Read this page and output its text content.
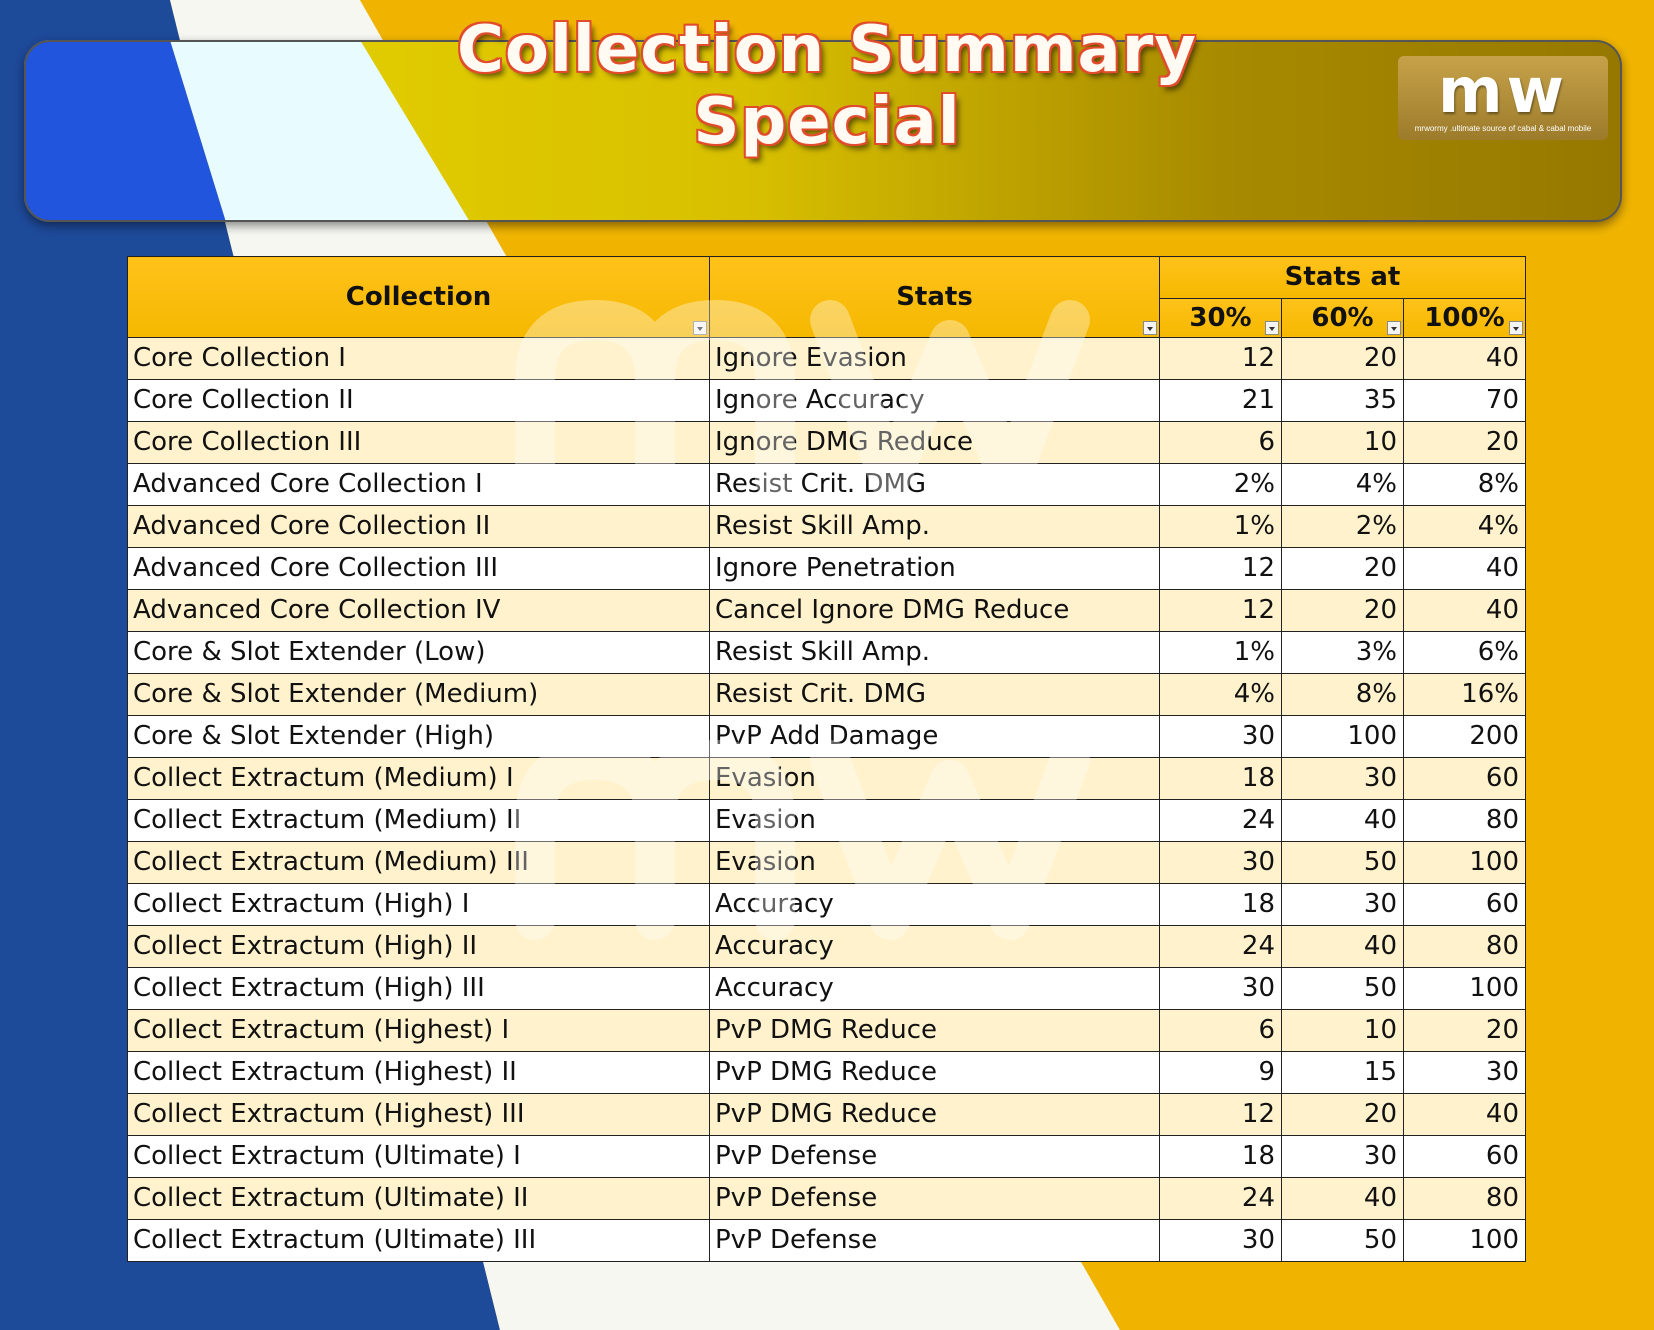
Collection Summary
Special	mw
mrwormy .ultimate source of cabal & cabal mobile
Collection	Stats	Stats at		
		30%	60%	100%

Core Collection I	Ignore Evasion	12	20	40
Core Collection II	Ignore Accuracy	21	35	70
Core Collection III	Ignore DMG Reduce	6	10	20
Advanced Core Collection I	Resist Crit. DMG	2%	4%	8%
Advanced Core Collection II	Resist Skill Amp.	1%	2%	4%
Advanced Core Collection III	Ignore Penetration	12	20	40
Advanced Core Collection IV	Cancel Ignore DMG Reduce	12	20	40
Core & Slot Extender (Low)	Resist Skill Amp.	1%	3%	6%
Core & Slot Extender (Medium)	Resist Crit. DMG	4%	8%	16%
Core & Slot Extender (High)	PvP Add Damage	30	100	200
Collect Extractum (Medium) I	Evasion	18	30	60
Collect Extractum (Medium) II	Evasion	24	40	80
Collect Extractum (Medium) III	Evasion	30	50	100
Collect Extractum (High) I	Accuracy	18	30	60
Collect Extractum (High) II	Accuracy	24	40	80
Collect Extractum (High) III	Accuracy	30	50	100
Collect Extractum (Highest) I	PvP DMG Reduce	6	10	20
Collect Extractum (Highest) II	PvP DMG Reduce	9	15	30
Collect Extractum (Highest) III	PvP DMG Reduce	12	20	40
Collect Extractum (Ultimate) I	PvP Defense	18	30	60
Collect Extractum (Ultimate) II	PvP Defense	24	40	80
Collect Extractum (Ultimate) III	PvP Defense	30	50	100
